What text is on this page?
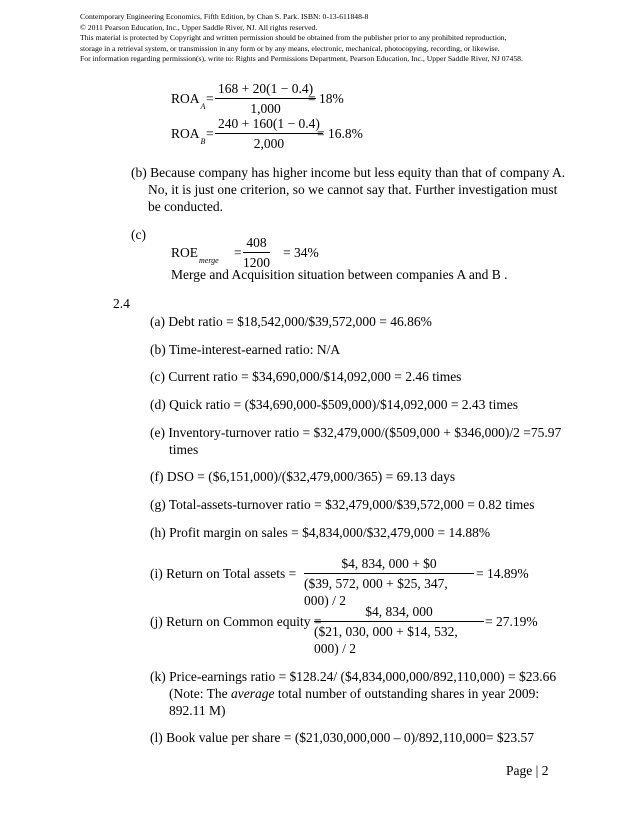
Contemporary Engineering Economics, Fifth Edition, by Chan S. Park. ISBN: 0-13-611848-8
© 2011 Pearson Education, Inc., Upper Saddle River, NJ. All rights reserved.
This material is protected by Copyright and written permission should be obtained from the publisher prior to any prohibited reproduction,
storage in a retrieval system, or transmission in any form or by any means, electronic, mechanical, photocopying, recording, or likewise.
For information regarding permission(s), write to: Rights and Permissions Department, Pearson Education, Inc., Upper Saddle River, NJ 07458.
$ROA_A$
= $\frac{168 + 20(1 - 0.4)}{1,000}$
= 18%
$ROA_B$
= $\frac{240 + 160(1 - 0.4)}{2,000}$
= 16.8%
(b) Because company has higher income but less equity than that of company A.
No, it is just one criterion, so we cannot say that. Further investigation must
be conducted.
(c)
$ROE_{merge}$
= $\frac{408}{1200} = 34\%$
Merge and Acquisition situation between companies A and B .
2.4
(a) Debt ratio = $18,542,000/$39,572,000 = 46.86%
(b) Time-interest-earned ratio: N/A
(c) Current ratio = $34,690,000/$14,092,000 = 2.46 times
(d) Quick ratio = ($34,690,000-$509,000)/$14,092,000 = 2.43 times
(e) Inventory-turnover ratio = $32,479,000/($509,000 + $346,000)/2 =75.97
times
(f) DSO = ($6,151,000)/($32,479,000/365) = 69.13 days
(g) Total-assets-turnover ratio = $32,479,000/$39,572,000 = 0.82 times
(h) Profit margin on sales = $4,834,000/$32,479,000 = 14.88%
(i) Return on Total assets = $\frac{\$4, 834, 000 + \$0}{(\$39, 572, 000 + \$25, 347, 000) / 2} = 14.89\%$
(j) Return on Common equity =
$\frac{\$4, 834, 000}{(\$21, 030, 000 + \$14, 532, 000) / 2} = 27.19\%$
(k) Price-earnings ratio = $128.24/ ($4,834,000,000/892,110,000) = $23.66
(Note: The average total number of outstanding shares in year 2009:
892.11 M)
(l) Book value per share = ($21,030,000,000 – 0)/892,110,000= $23.57
Page | 2
